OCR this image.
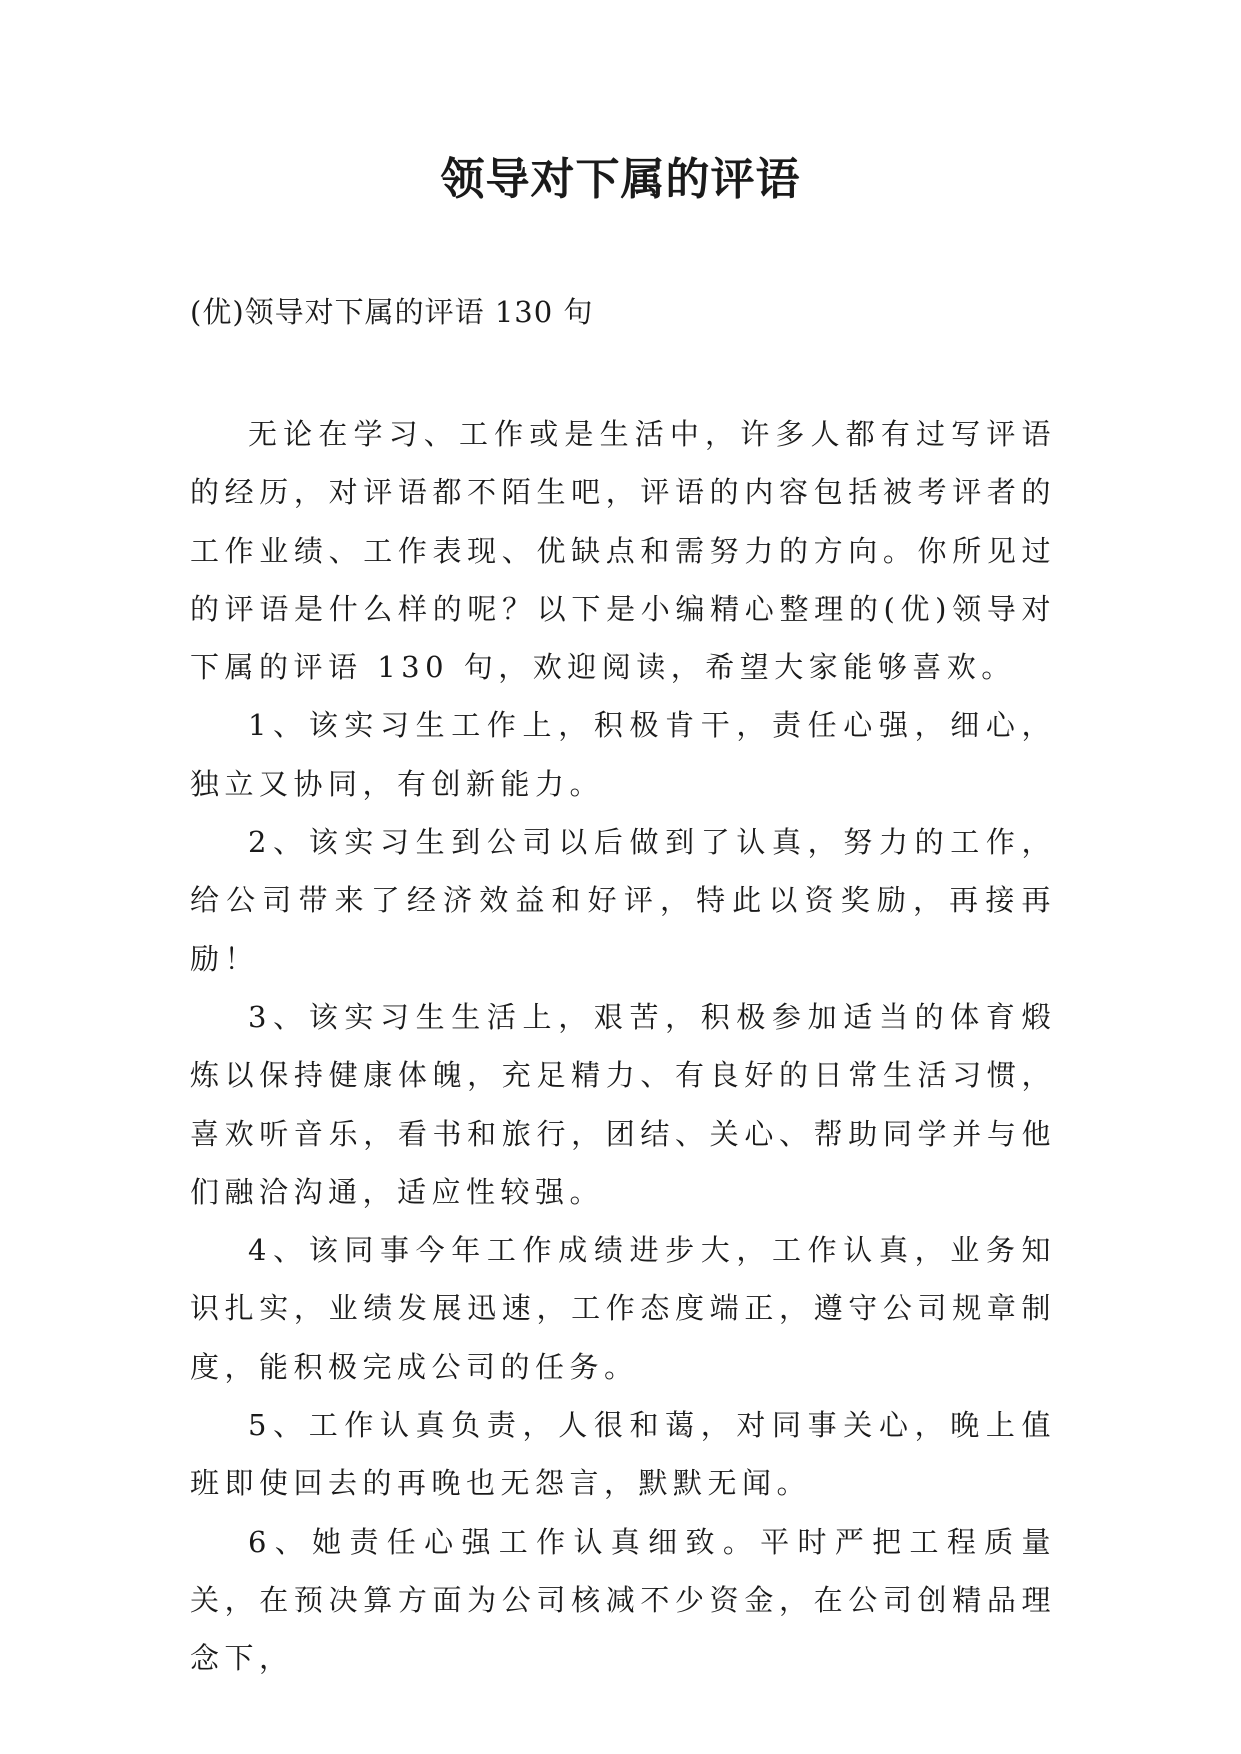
领导对下属的评语
(优)领导对下属的评语 130 句

无论在学习、工作或是生活中，许多人都有过写评语的经历，对评语都不陌生吧，评语的内容包括被考评者的工作业绩、工作表现、优缺点和需努力的方向。你所见过的评语是什么样的呢？以下是小编精心整理的(优)领导对下属的评语 130 句，欢迎阅读，希望大家能够喜欢。

1、该实习生工作上，积极肯干，责任心强，细心，独立又协同，有创新能力。

2、该实习生到公司以后做到了认真，努力的工作，给公司带来了经济效益和好评，特此以资奖励，再接再励！

3、该实习生生活上，艰苦，积极参加适当的体育煅炼以保持健康体魄，充足精力、有良好的日常生活习惯，喜欢听音乐，看书和旅行，团结、关心、帮助同学并与他们融洽沟通，适应性较强。

4、该同事今年工作成绩进步大，工作认真，业务知识扎实，业绩发展迅速，工作态度端正，遵守公司规章制度，能积极完成公司的任务。

5、工作认真负责，人很和蔼，对同事关心，晚上值班即使回去的再晚也无怨言，默默无闻。

6、她责任心强工作认真细致。平时严把工程质量关，在预决算方面为公司核减不少资金，在公司创精品理念下，
